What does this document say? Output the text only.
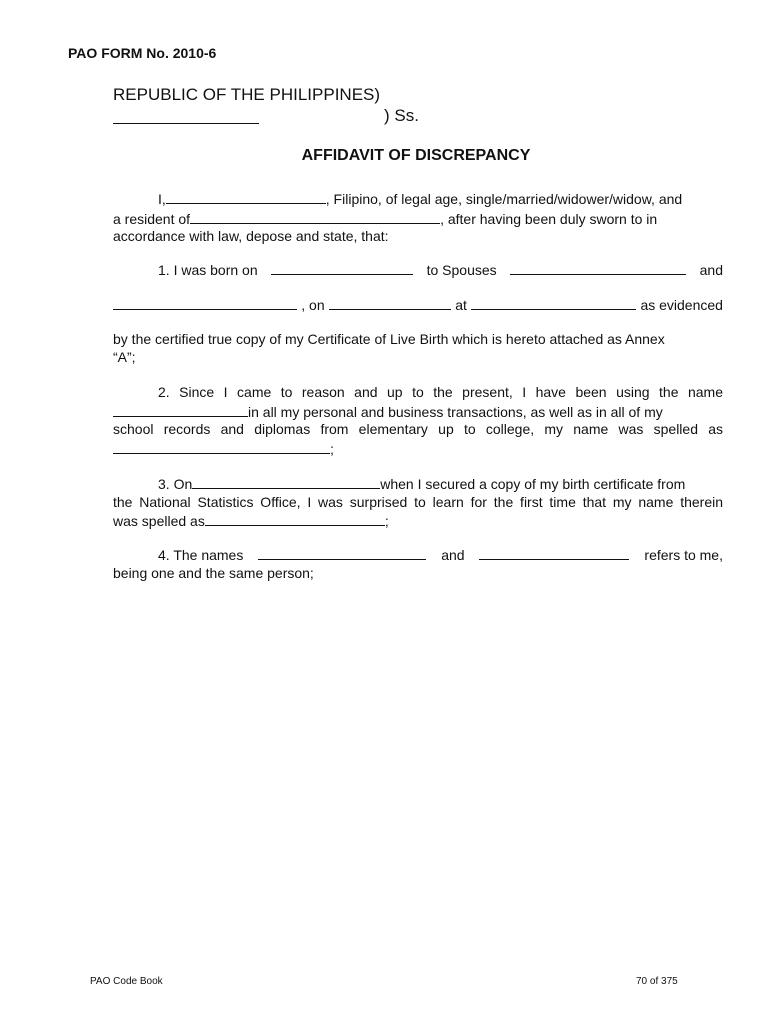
PAO FORM No. 2010-6
REPUBLIC OF THE PHILIPPINES)
) Ss.
AFFIDAVIT OF DISCREPANCY
I,	, Filipino, of legal age, single/married/widower/widow, and
a resident of	, after having been duly sworn to in
accordance with law, depose and state, that:
1. I was born on	to Spouses	and
, on	at	as evidenced
by the certified true copy of my Certificate of Live Birth which is hereto attached as Annex
“A”;
2. Since I came to reason and up to the present, I have been using the name
in all my personal and business transactions, as well as in all of my
school records and diplomas from elementary up to college, my name was spelled as
;
3. On	when I secured a copy of my birth certificate from
the National Statistics Office, I was surprised to learn for the first time that my name therein
was spelled as	;
4. The names	and	refers to me,
being one and the same person;
PAO Code Book	70 of 375
